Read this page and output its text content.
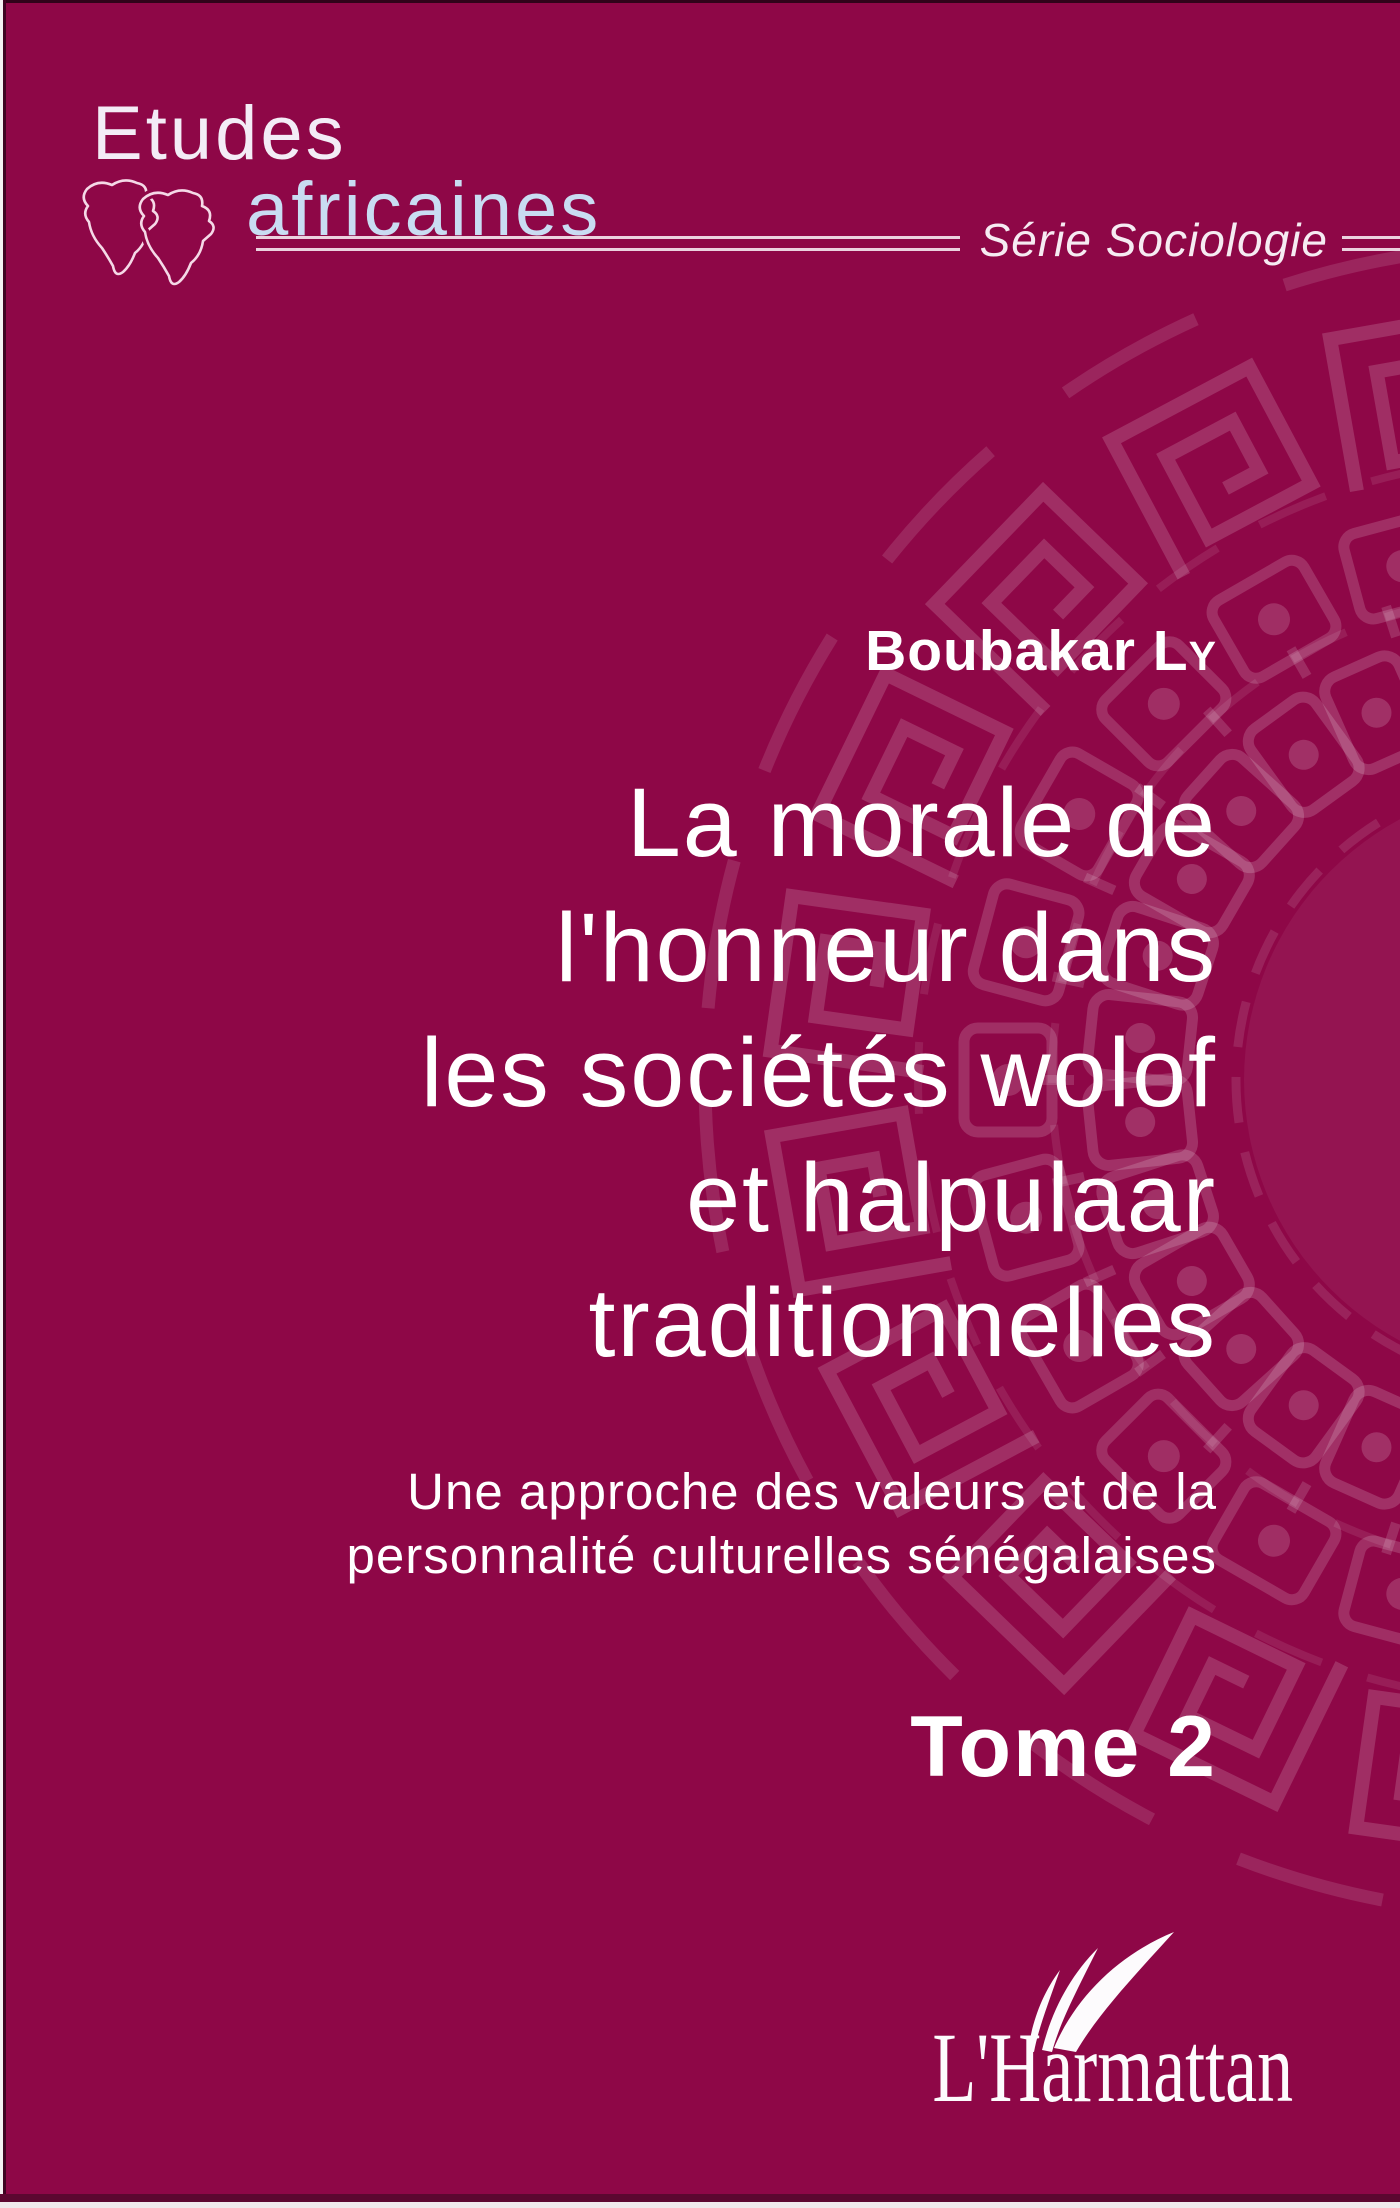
Etudes
africaines	Série Sociologie
Boubakar LY
La morale de
l'honneur dans
les sociétés wolof
et halpulaar
traditionnelles
Une approche des valeurs et de la
personnalité culturelles sénégalaises
Tome 2
L'Harmattan
